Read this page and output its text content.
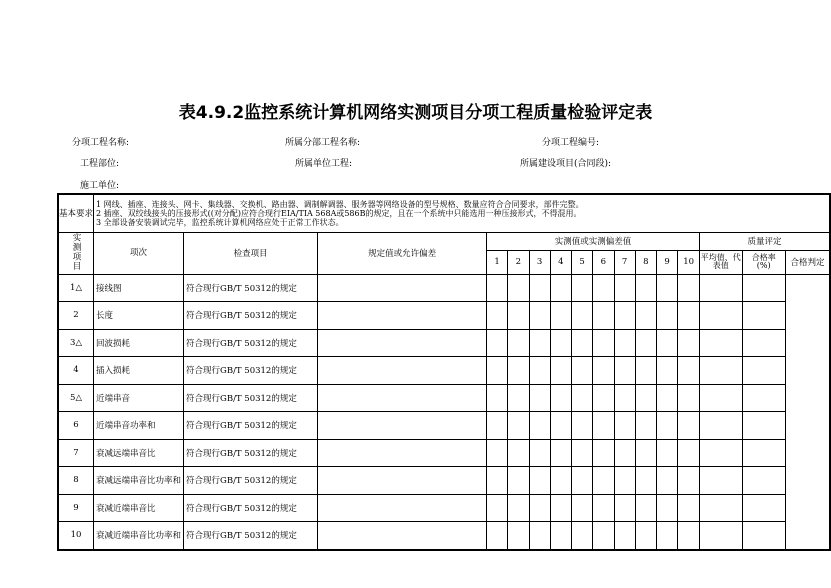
表4.9.2监控系统计算机网络实测项目分项工程质量检验评定表
分项工程名称:	所属分部工程名称:	分项工程编号:
工程部位:	所属单位工程:	所属建设项目(合同段):
施工单位:
基本要求	1 网线、插座、连接头、网卡、集线器、交换机、路由器、调制解调器、服务器等网络设备的型号规格、数量应符合合同要求，部件完整。
2 插座、双绞线接头的压接形式((对分配)应符合现行EIA/TIA 568A或586B的规定，且在一个系统中只能选用一种压接形式，不得混用。
3 全部设备安装调试完毕，监控系统计算机网络应处于正常工作状态。															

实测项目	项次	检查项目	规定值或允许偏差	实测值或实测偏差值										质量评定		
				1	2	3	4	5	6	7	8	9	10	平均值、代表值	合格率(%)	合格判定
1△	接线图	符合现行GB/T 50312的规定														
2	长度	符合现行GB/T 50312的规定														
3△	回波损耗	符合现行GB/T 50312的规定														
4	插入损耗	符合现行GB/T 50312的规定														
5△	近端串音	符合现行GB/T 50312的规定														
6	近端串音功率和	符合现行GB/T 50312的规定														
7	衰减远端串音比	符合现行GB/T 50312的规定														
8	衰减远端串音比功率和	符合现行GB/T 50312的规定														
9	衰减近端串音比	符合现行GB/T 50312的规定														
10	衰减近端串音比功率和	符合现行GB/T 50312的规定														
